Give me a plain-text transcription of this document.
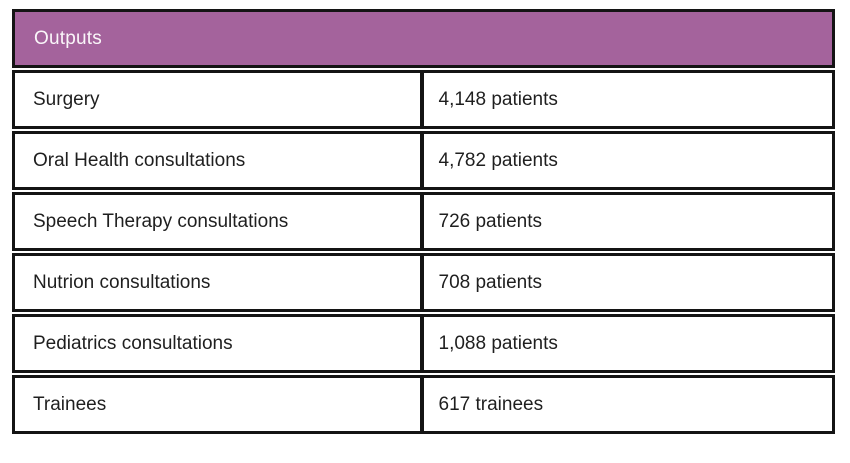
Outputs
Surgery	4,148 patients
Oral Health consultations	4,782 patients
Speech Therapy consultations	726 patients
Nutrion consultations	708 patients
Pediatrics consultations	1,088 patients
Trainees	617 trainees
